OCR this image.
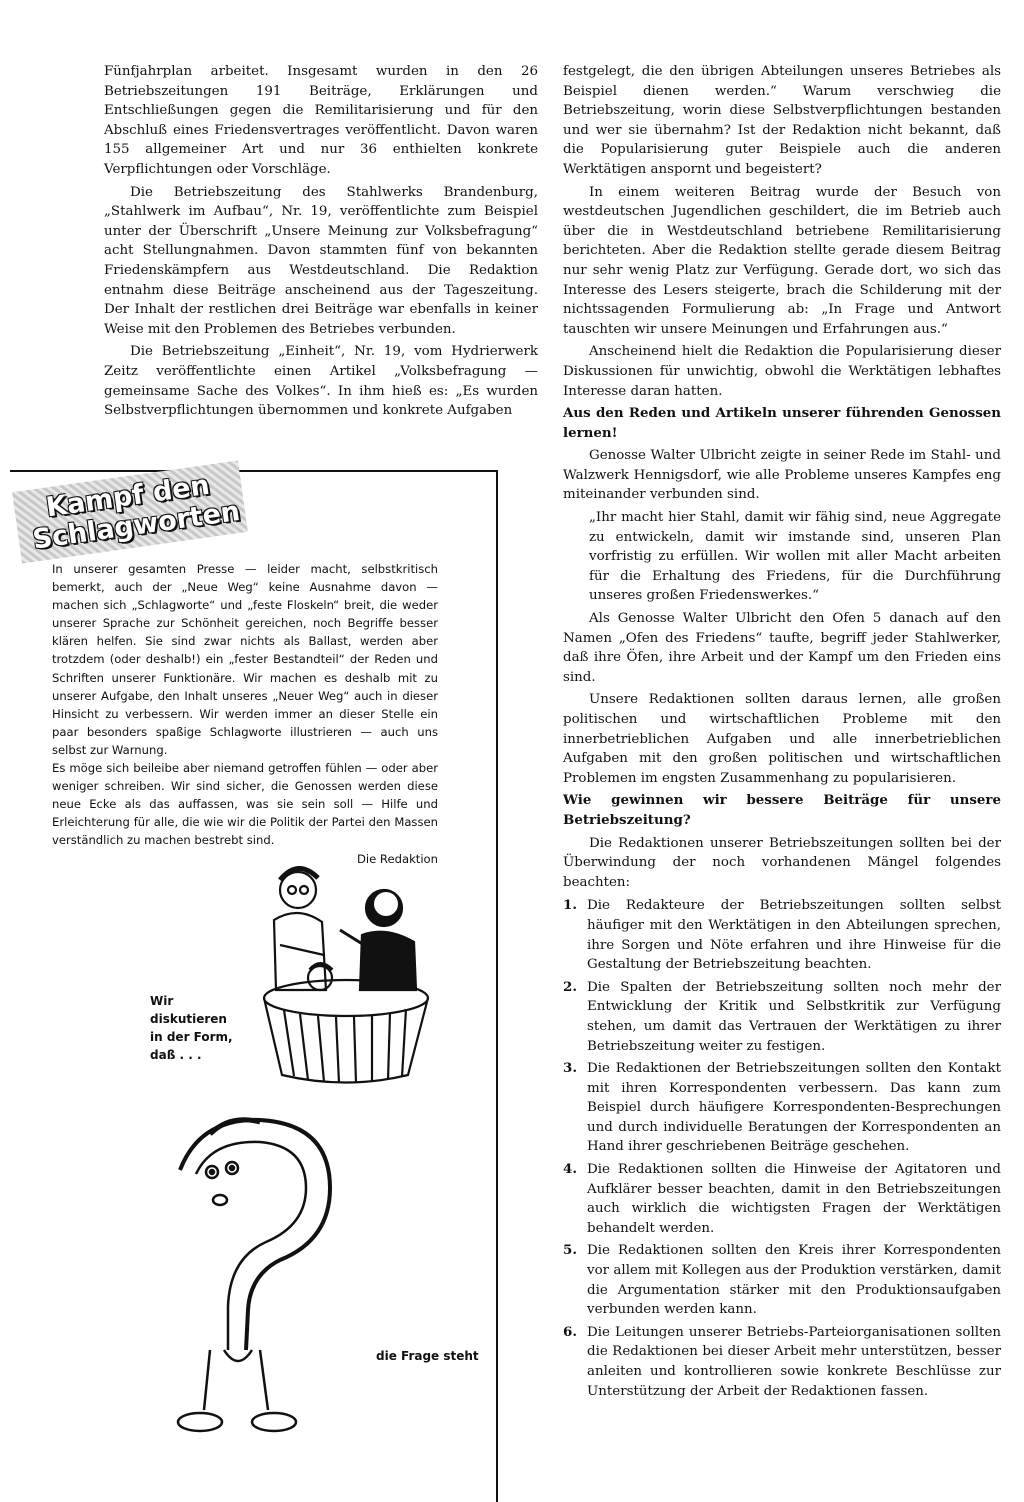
Fünfjahrplan arbeitet. Insgesamt wurden in den 26 Betriebszeitungen 191 Beiträge, Erklärungen und Entschließungen gegen die Remilitarisierung und für den Abschluß eines Friedensvertrages veröffentlicht. Davon waren 155 allgemeiner Art und nur 36 enthielten konkrete Verpflichtungen oder Vorschläge.

Die Betriebszeitung des Stahlwerks Brandenburg, „Stahlwerk im Aufbau“, Nr. 19, veröffentlichte zum Beispiel unter der Überschrift „Unsere Meinung zur Volksbefragung“ acht Stellungnahmen. Davon stammten fünf von bekannten Friedenskämpfern aus Westdeutschland. Die Redaktion entnahm diese Beiträge anscheinend aus der Tageszeitung. Der Inhalt der restlichen drei Beiträge war ebenfalls in keiner Weise mit den Problemen des Betriebes verbunden.

Die Betriebszeitung „Einheit“, Nr. 19, vom Hydrierwerk Zeitz veröffentlichte einen Artikel „Volksbefragung — gemeinsame Sache des Volkes“. In ihm hieß es: „Es wurden Selbstverpflichtungen übernommen und konkrete Aufgaben

Kampf den Schlagworten

In unserer gesamten Presse — leider macht, selbstkritisch bemerkt, auch der „Neue Weg“ keine Ausnahme davon — machen sich „Schlagworte“ und „feste Floskeln“ breit, die weder unserer Sprache zur Schönheit gereichen, noch Begriffe besser klären helfen. Sie sind zwar nichts als Ballast, werden aber trotzdem (oder deshalb!) ein „fester Bestandteil“ der Reden und Schriften unserer Funktionäre. Wir machen es deshalb mit zu unserer Aufgabe, den Inhalt unseres „Neuer Weg“ auch in dieser Hinsicht zu verbessern. Wir werden immer an dieser Stelle ein paar besonders spaßige Schlagworte illustrieren — auch uns selbst zur Warnung.

Es möge sich beileibe aber niemand getroffen fühlen — oder aber weniger schreiben. Wir sind sicher, die Genossen werden diese neue Ecke als das auffassen, was sie sein soll — Hilfe und Erleichterung für alle, die wie wir die Politik der Partei den Massen verständlich zu machen bestrebt sind.

Die Redaktion

Wir
diskutieren
in der Form,
daß . . .
die Frage steht

festgelegt, die den übrigen Abteilungen unseres Betriebes als Beispiel dienen werden.“ Warum verschwieg die Betriebszeitung, worin diese Selbstverpflichtungen bestanden und wer sie übernahm? Ist der Redaktion nicht bekannt, daß die Popularisierung guter Beispiele auch die anderen Werktätigen anspornt und begeistert?

In einem weiteren Beitrag wurde der Besuch von westdeutschen Jugendlichen geschildert, die im Betrieb auch über die in Westdeutschland betriebene Remilitarisierung berichteten. Aber die Redaktion stellte gerade diesem Beitrag nur sehr wenig Platz zur Verfügung. Gerade dort, wo sich das Interesse des Lesers steigerte, brach die Schilderung mit der nichtssagenden Formulierung ab: „In Frage und Antwort tauschten wir unsere Meinungen und Erfahrungen aus.“

Anscheinend hielt die Redaktion die Popularisierung dieser Diskussionen für unwichtig, obwohl die Werktätigen lebhaftes Interesse daran hatten.

Aus den Reden und Artikeln unserer führenden Genossen lernen!

Genosse Walter Ulbricht zeigte in seiner Rede im Stahl- und Walzwerk Hennigsdorf, wie alle Probleme unseres Kampfes eng miteinander verbunden sind.

„Ihr macht hier Stahl, damit wir fähig sind, neue Aggregate zu entwickeln, damit wir imstande sind, unseren Plan vorfristig zu erfüllen. Wir wollen mit aller Macht arbeiten für die Erhaltung des Friedens, für die Durchführung unseres großen Friedenswerkes.“

Als Genosse Walter Ulbricht den Ofen 5 danach auf den Namen „Ofen des Friedens“ taufte, begriff jeder Stahlwerker, daß ihre Öfen, ihre Arbeit und der Kampf um den Frieden eins sind.

Unsere Redaktionen sollten daraus lernen, alle großen politischen und wirtschaftlichen Probleme mit den innerbetrieblichen Aufgaben und alle innerbetrieblichen Aufgaben mit den großen politischen und wirtschaftlichen Problemen im engsten Zusammenhang zu popularisieren.

Wie gewinnen wir bessere Beiträge für unsere Betriebszeitung?

Die Redaktionen unserer Betriebszeitungen sollten bei der Überwindung der noch vorhandenen Mängel folgendes beachten:

1. Die Redakteure der Betriebszeitungen sollten selbst häufiger mit den Werktätigen in den Abteilungen sprechen, ihre Sorgen und Nöte erfahren und ihre Hinweise für die Gestaltung der Betriebszeitung beachten.
2. Die Spalten der Betriebszeitung sollten noch mehr der Entwicklung der Kritik und Selbstkritik zur Verfügung stehen, um damit das Vertrauen der Werktätigen zu ihrer Betriebszeitung weiter zu festigen.
3. Die Redaktionen der Betriebszeitungen sollten den Kontakt mit ihren Korrespondenten verbessern. Das kann zum Beispiel durch häufigere Korrespondenten-Besprechungen und durch individuelle Beratungen der Korrespondenten an Hand ihrer geschriebenen Beiträge geschehen.
4. Die Redaktionen sollten die Hinweise der Agitatoren und Aufklärer besser beachten, damit in den Betriebszeitungen auch wirklich die wichtigsten Fragen der Werktätigen behandelt werden.
5. Die Redaktionen sollten den Kreis ihrer Korrespondenten vor allem mit Kollegen aus der Produktion verstärken, damit die Argumentation stärker mit den Produktionsaufgaben verbunden werden kann.
6. Die Leitungen unserer Betriebs-Parteiorganisationen sollten die Redaktionen bei dieser Arbeit mehr unterstützen, besser anleiten und kontrollieren sowie konkrete Beschlüsse zur Unterstützung der Arbeit der Redaktionen fassen.
